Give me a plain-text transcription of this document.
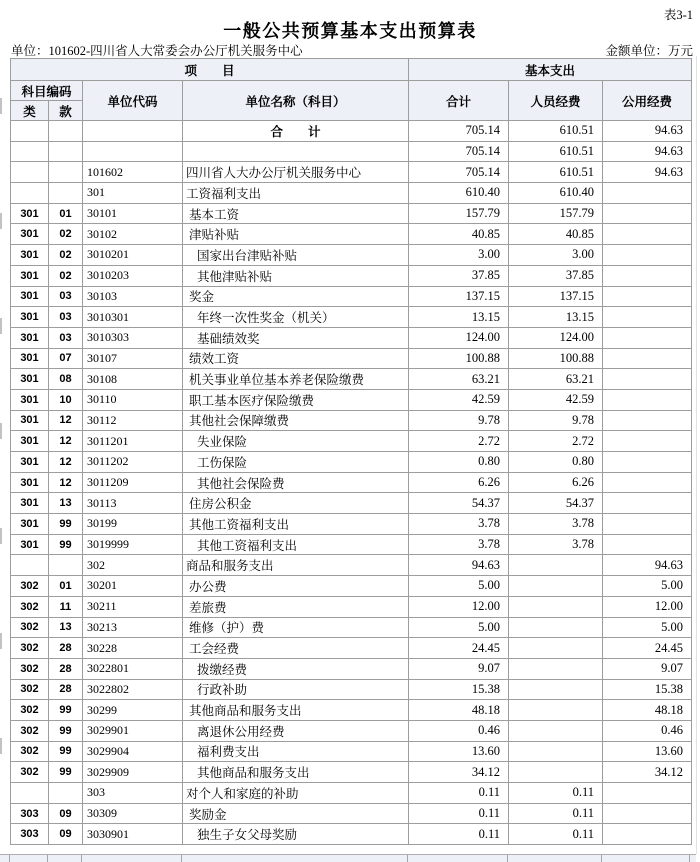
表3-1
一般公共预算基本支出预算表
单位：101602-四川省人大常委会办公厅机关服务中心	金额单位：万元
项　　目				基本支出		
科目编码		单位代码	单位名称（科目）	合计	人员经费	公用经费
类	款					
			合　　计	705.14	610.51	94.63
				705.14	610.51	94.63
		101602	四川省人大办公厅机关服务中心	705.14	610.51	94.63
		301	工资福利支出	610.40	610.40	
301	01	30101	基本工资	157.79	157.79	
301	02	30102	津贴补贴	40.85	40.85	
301	02	3010201	国家出台津贴补贴	3.00	3.00	
301	02	3010203	其他津贴补贴	37.85	37.85	
301	03	30103	奖金	137.15	137.15	
301	03	3010301	年终一次性奖金（机关）	13.15	13.15	
301	03	3010303	基础绩效奖	124.00	124.00	
301	07	30107	绩效工资	100.88	100.88	
301	08	30108	机关事业单位基本养老保险缴费	63.21	63.21	
301	10	30110	职工基本医疗保险缴费	42.59	42.59	
301	12	30112	其他社会保障缴费	9.78	9.78	
301	12	3011201	失业保险	2.72	2.72	
301	12	3011202	工伤保险	0.80	0.80	
301	12	3011209	其他社会保险费	6.26	6.26	
301	13	30113	住房公积金	54.37	54.37	
301	99	30199	其他工资福利支出	3.78	3.78	
301	99	3019999	其他工资福利支出	3.78	3.78	
		302	商品和服务支出	94.63		94.63
302	01	30201	办公费	5.00		5.00
302	11	30211	差旅费	12.00		12.00
302	13	30213	维修（护）费	5.00		5.00
302	28	30228	工会经费	24.45		24.45
302	28	3022801	拨缴经费	9.07		9.07
302	28	3022802	行政补助	15.38		15.38
302	99	30299	其他商品和服务支出	48.18		48.18
302	99	3029901	离退休公用经费	0.46		0.46
302	99	3029904	福利费支出	13.60		13.60
302	99	3029909	其他商品和服务支出	34.12		34.12
		303	对个人和家庭的补助	0.11	0.11	
303	09	30309	奖励金	0.11	0.11	
303	09	3030901	独生子女父母奖励	0.11	0.11	
